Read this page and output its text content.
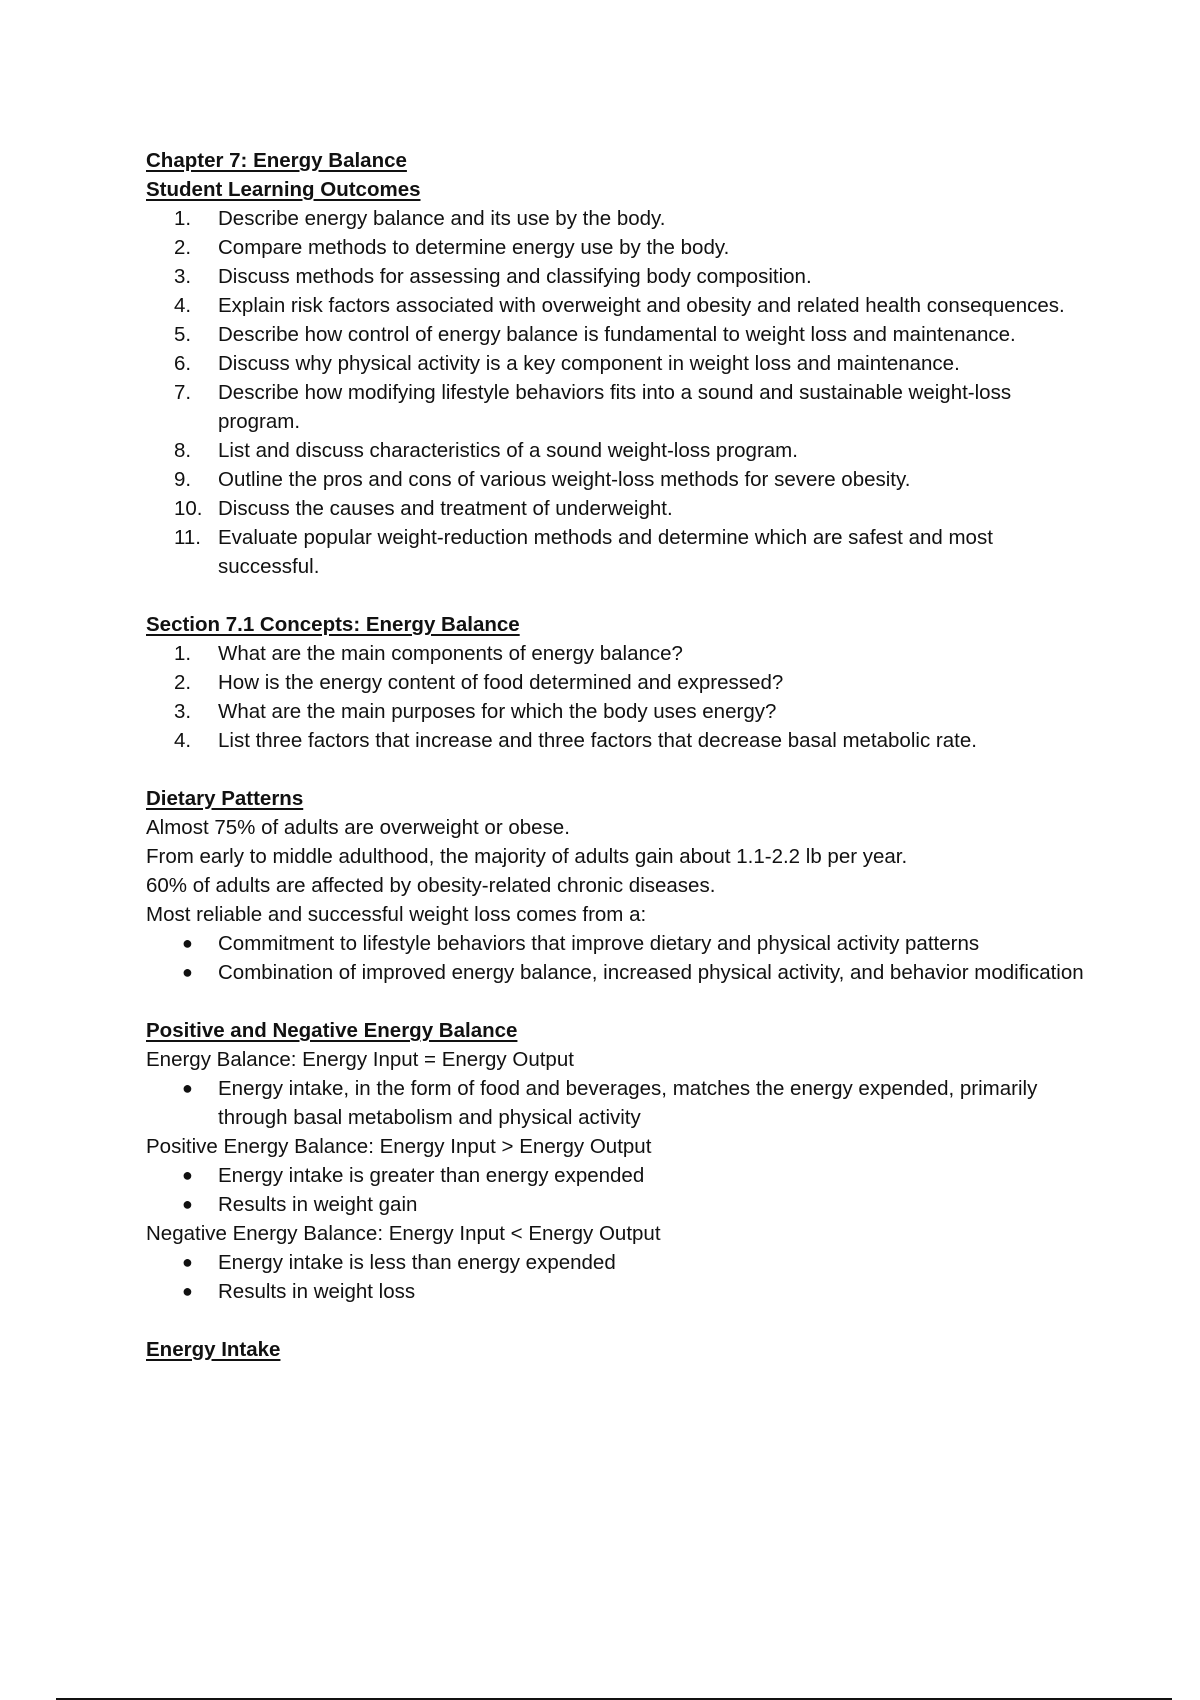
Chapter 7: Energy Balance

Student Learning Outcomes

1.	Describe energy balance and its use by the body.
2.	Compare methods to determine energy use by the body.
3.	Discuss methods for assessing and classifying body composition.
4.	Explain risk factors associated with overweight and obesity and related health consequences.
5.	Describe how control of energy balance is fundamental to weight loss and maintenance.
6.	Discuss why physical activity is a key component in weight loss and maintenance.
7.	Describe how modifying lifestyle behaviors fits into a sound and sustainable weight-loss program.
8.	List and discuss characteristics of a sound weight-loss program.
9.	Outline the pros and cons of various weight-loss methods for severe obesity.
10. Discuss the causes and treatment of underweight.
11. Evaluate popular weight-reduction methods and determine which are safest and most successful.

Section 7.1 Concepts: Energy Balance

1.	What are the main components of energy balance?
2.	How is the energy content of food determined and expressed?
3.	What are the main purposes for which the body uses energy?
4.	List three factors that increase and three factors that decrease basal metabolic rate.

Dietary Patterns

Almost 75% of adults are overweight or obese.

From early to middle adulthood, the majority of adults gain about 1.1-2.2 lb per year.

60% of adults are affected by obesity-related chronic diseases.

Most reliable and successful weight loss comes from a:

●	Commitment to lifestyle behaviors that improve dietary and physical activity patterns
●	Combination of improved energy balance, increased physical activity, and behavior modification

Positive and Negative Energy Balance

Energy Balance: Energy Input = Energy Output

●	Energy intake, in the form of food and beverages, matches the energy expended, primarily through basal metabolism and physical activity

Positive Energy Balance: Energy Input > Energy Output

●	Energy intake is greater than energy expended
●	Results in weight gain

Negative Energy Balance: Energy Input < Energy Output

●	Energy intake is less than energy expended
●	Results in weight loss

Energy Intake
